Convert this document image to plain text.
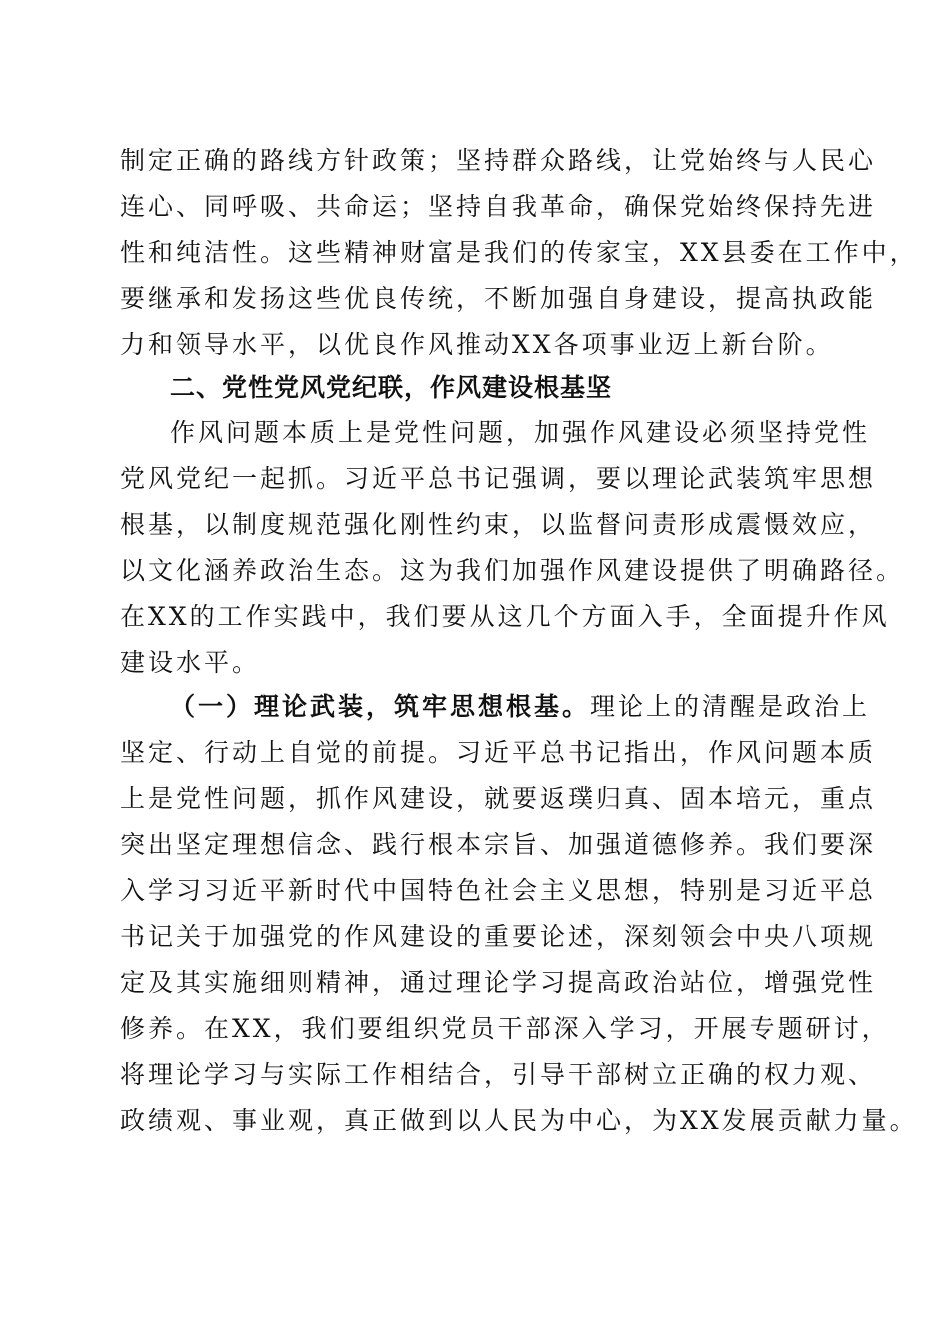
制定正确的路线方针政策；坚持群众路线，让党始终与人民心
连心、同呼吸、共命运；坚持自我革命，确保党始终保持先进
性和纯洁性。这些精神财富是我们的传家宝，XX县委在工作中，
要继承和发扬这些优良传统，不断加强自身建设，提高执政能
力和领导水平，以优良作风推动XX各项事业迈上新台阶。
二、党性党风党纪联，作风建设根基坚
作风问题本质上是党性问题，加强作风建设必须坚持党性
党风党纪一起抓。习近平总书记强调，要以理论武装筑牢思想
根基，以制度规范强化刚性约束，以监督问责形成震慑效应，
以文化涵养政治生态。这为我们加强作风建设提供了明确路径。
在XX的工作实践中，我们要从这几个方面入手，全面提升作风
建设水平。
（一）理论武装，筑牢思想根基。理论上的清醒是政治上
坚定、行动上自觉的前提。习近平总书记指出，作风问题本质
上是党性问题，抓作风建设，就要返璞归真、固本培元，重点
突出坚定理想信念、践行根本宗旨、加强道德修养。我们要深
入学习习近平新时代中国特色社会主义思想，特别是习近平总
书记关于加强党的作风建设的重要论述，深刻领会中央八项规
定及其实施细则精神，通过理论学习提高政治站位，增强党性
修养。在XX，我们要组织党员干部深入学习，开展专题研讨，
将理论学习与实际工作相结合，引导干部树立正确的权力观、
政绩观、事业观，真正做到以人民为中心，为XX发展贡献力量。
